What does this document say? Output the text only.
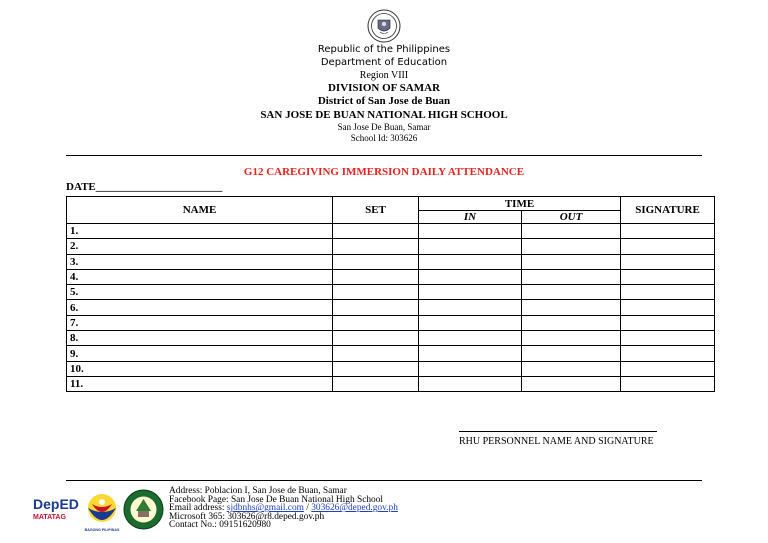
Republic of the Philippines
Department of Education
Region VIII
DIVISION OF SAMAR
District of San Jose de Buan
SAN JOSE DE BUAN NATIONAL HIGH SCHOOL
San Jose De Buan, Samar
School Id: 303626
G12 CAREGIVING IMMERSION DAILY ATTENDANCE
DATE_______________________
NAME	SET	TIME		SIGNATURE
		IN	OUT	
1.				
2.				
3.				
4.				
5.				
6.				
7.				
8.				
9.				
10.				
11.				
RHU PERSONNEL NAME AND SIGNATURE
DepED
MATATAG
BAGONG PILIPINAS
Address: Poblacion I, San Jose de Buan, Samar
Facebook Page: San Jose De Buan National High School
Email address: sjdbnhs@gmail.com / 303626@deped.gov.ph
Microsoft 365: 303626@r8.deped.gov.ph
Contact No.: 09151620980
